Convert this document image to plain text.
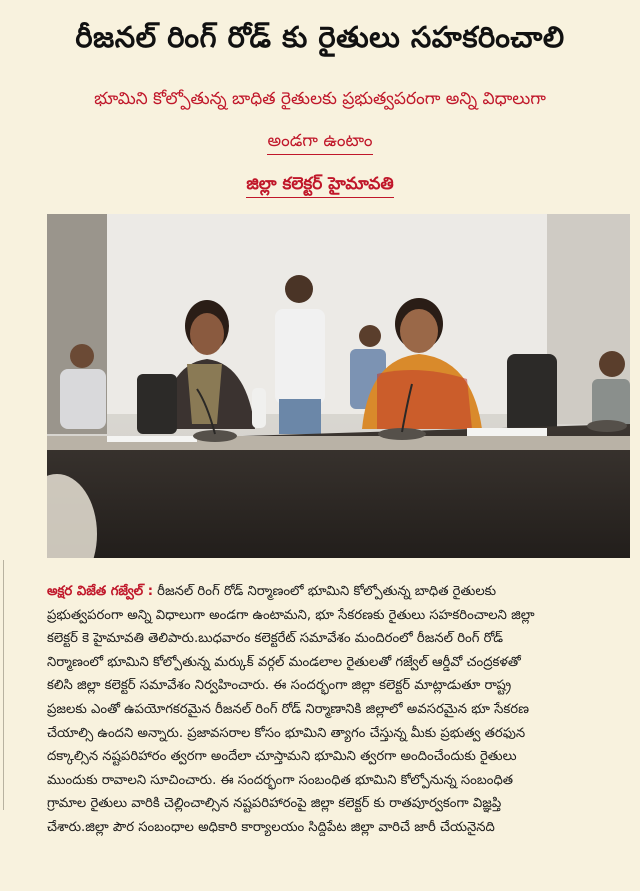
రీజనల్ రింగ్ రోడ్ కు రైతులు సహకరించాలి
భూమిని కోల్పోతున్న బాధిత రైతులకు ప్రభుత్వపరంగా అన్ని విధాలుగా
అండగా ఉంటాం
జిల్లా కలెక్టర్ హైమావతి
అక్షర విజేత గజ్వేల్ : రీజనల్ రింగ్ రోడ్ నిర్మాణంలో భూమిని కోల్పోతున్న బాధిత రైతులకు
ప్రభుత్వపరంగా అన్ని విధాలుగా అండగా ఉంటామని, భూ సేకరణకు రైతులు సహకరించాలని జిల్లా
కలెక్టర్ కె హైమావతి తెలిపారు.బుధవారం కలెక్టరేట్ సమావేశం మందిరంలో రీజనల్ రింగ్ రోడ్
నిర్మాణంలో భూమిని కోల్పోతున్న మర్కుక్ వర్గల్ మండలాల రైతులతో గజ్వేల్ ఆర్డీవో చంద్రకళతో
కలిసి జిల్లా కలెక్టర్ సమావేశం నిర్వహించారు. ఈ సందర్భంగా జిల్లా కలెక్టర్ మాట్లాడుతూ రాష్ట్ర
ప్రజలకు ఎంతో ఉపయోగకరమైన రీజనల్ రింగ్ రోడ్ నిర్మాణానికి జిల్లాలో అవసరమైన భూ సేకరణ
చేయాల్సి ఉందని అన్నారు. ప్రజావసరాల కోసం భూమిని త్యాగం చేస్తున్న మీకు ప్రభుత్వ తరఫున
దక్కాల్సిన నష్టపరిహారం త్వరగా అందేలా చూస్తామని భూమిని త్వరగా అందించేందుకు రైతులు
ముందుకు రావాలని సూచించారు. ఈ సందర్భంగా సంబంధిత భూమిని కోల్పోనున్న సంబంధిత
గ్రామాల రైతులు వారికి చెల్లించాల్సిన నష్టపరిహారంపై జిల్లా కలెక్టర్ కు రాతపూర్వకంగా విజ్ఞప్తి
చేశారు.జిల్లా పౌర సంబంధాల అధికారి కార్యాలయం సిద్దిపేట జిల్లా వారిచే జారీ చేయనైనది
